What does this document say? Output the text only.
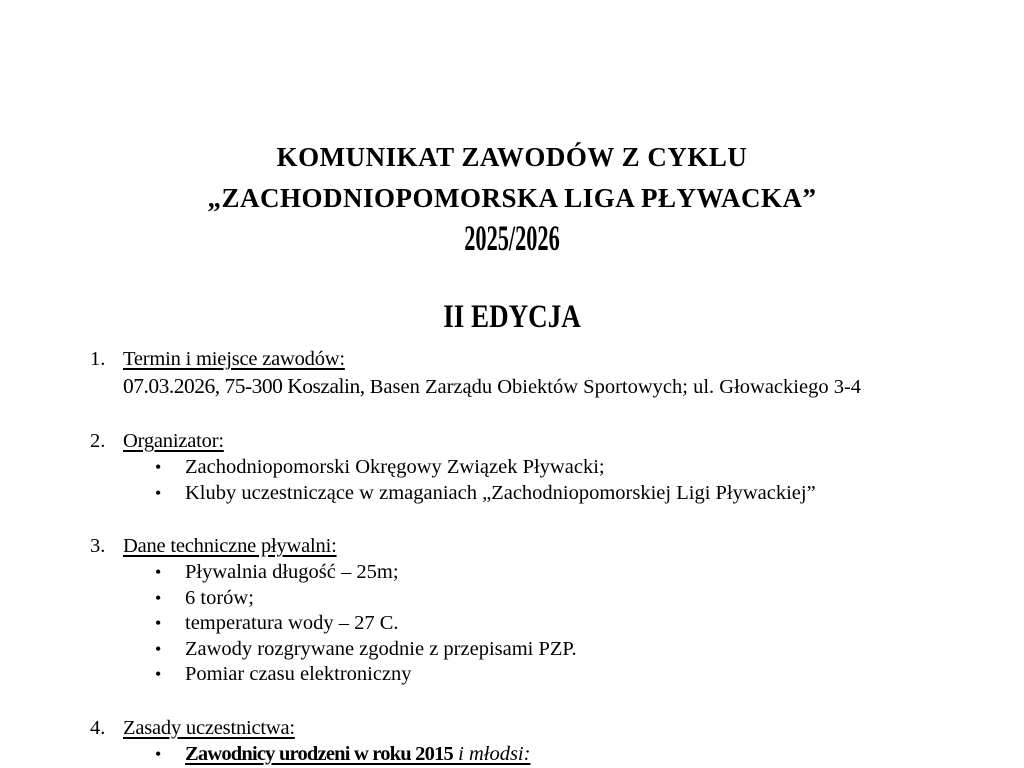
KOMUNIKAT ZAWODÓW Z CYKLU
„ZACHODNIOPOMORSKA LIGA PŁYWACKA”
2025/2026
II EDYCJA
1. Termin i miejsce zawodów:
07.03.2026, 75-300 Koszalin, Basen Zarządu Obiektów Sportowych; ul. Głowackiego 3-4
2. Organizator:
• Zachodniopomorski Okręgowy Związek Pływacki;
• Kluby uczestniczące w zmaganiach „Zachodniopomorskiej Ligi Pływackiej”
3. Dane techniczne pływalni:
• Pływalnia długość – 25m;
• 6 torów;
• temperatura wody – 27 C.
• Zawody rozgrywane zgodnie z przepisami PZP.
• Pomiar czasu elektroniczny
4. Zasady uczestnictwa:
• Zawodnicy urodzeni w roku 2015 i młodsi:
